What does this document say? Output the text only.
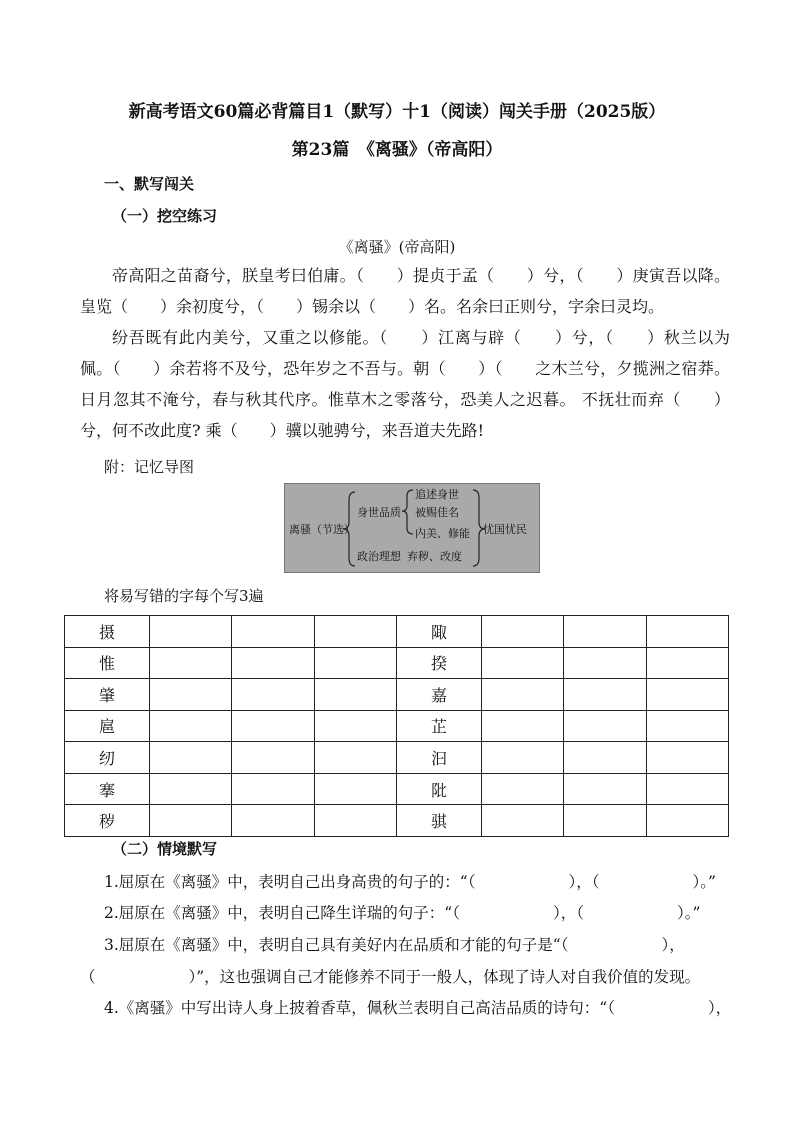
新高考语文60篇必背篇目1（默写）十1（阅读）闯关手册（2025版）
第23篇　《离骚》（帝高阳）
一、默写闯关
（一）挖空练习
《离骚》(帝高阳)
帝高阳之苗裔兮，朕皇考曰伯庸。（　　）提贞于孟（　　）兮，（　　）庚寅吾以降。皇览（　　）余初度兮，（　　）锡余以（　　）名。名余曰正则兮，字余曰灵均。
纷吾既有此内美兮，又重之以修能。（　　）江离与辟（　　）兮，（　　）秋兰以为佩。（　　）余若将不及兮，恐年岁之不吾与。朝（　　）（　　之木兰兮，夕揽洲之宿莽。 日月忽其不淹兮，春与秋其代序。惟草木之零落兮，恐美人之迟暮。 不抚壮而弃（　　）兮，何不改此度? 乘（　　）骥以驰骋兮，来吾道夫先路!
附：记忆导图
离骚（节选）
身世品质
政治理想
追述身世
被赐佳名
内美、修能
弃秽、改度
忧国忧民
将易写错的字每个写3遍
摄				陬			
惟				揆			
肇				嘉			
扈				芷			
纫				汩			
搴				阰			
秽				骐			
（二）情境默写
1.屈原在《离骚》中，表明自己出身高贵的句子的：“（　　　　　　），（　　　　　　）。”
2.屈原在《离骚》中，表明自己降生详瑞的句子：“（　　　　　　），（　　　　　　）。”
3.屈原在《离骚》中，表明自己具有美好内在品质和才能的句子是“（　　　　　　），（　　　　　　）”，这也强调自己才能修养不同于一般人，体现了诗人对自我价值的发现。
4.《离骚》中写出诗人身上披着香草，佩秋兰表明自己高洁品质的诗句：“（　　　　　　），
